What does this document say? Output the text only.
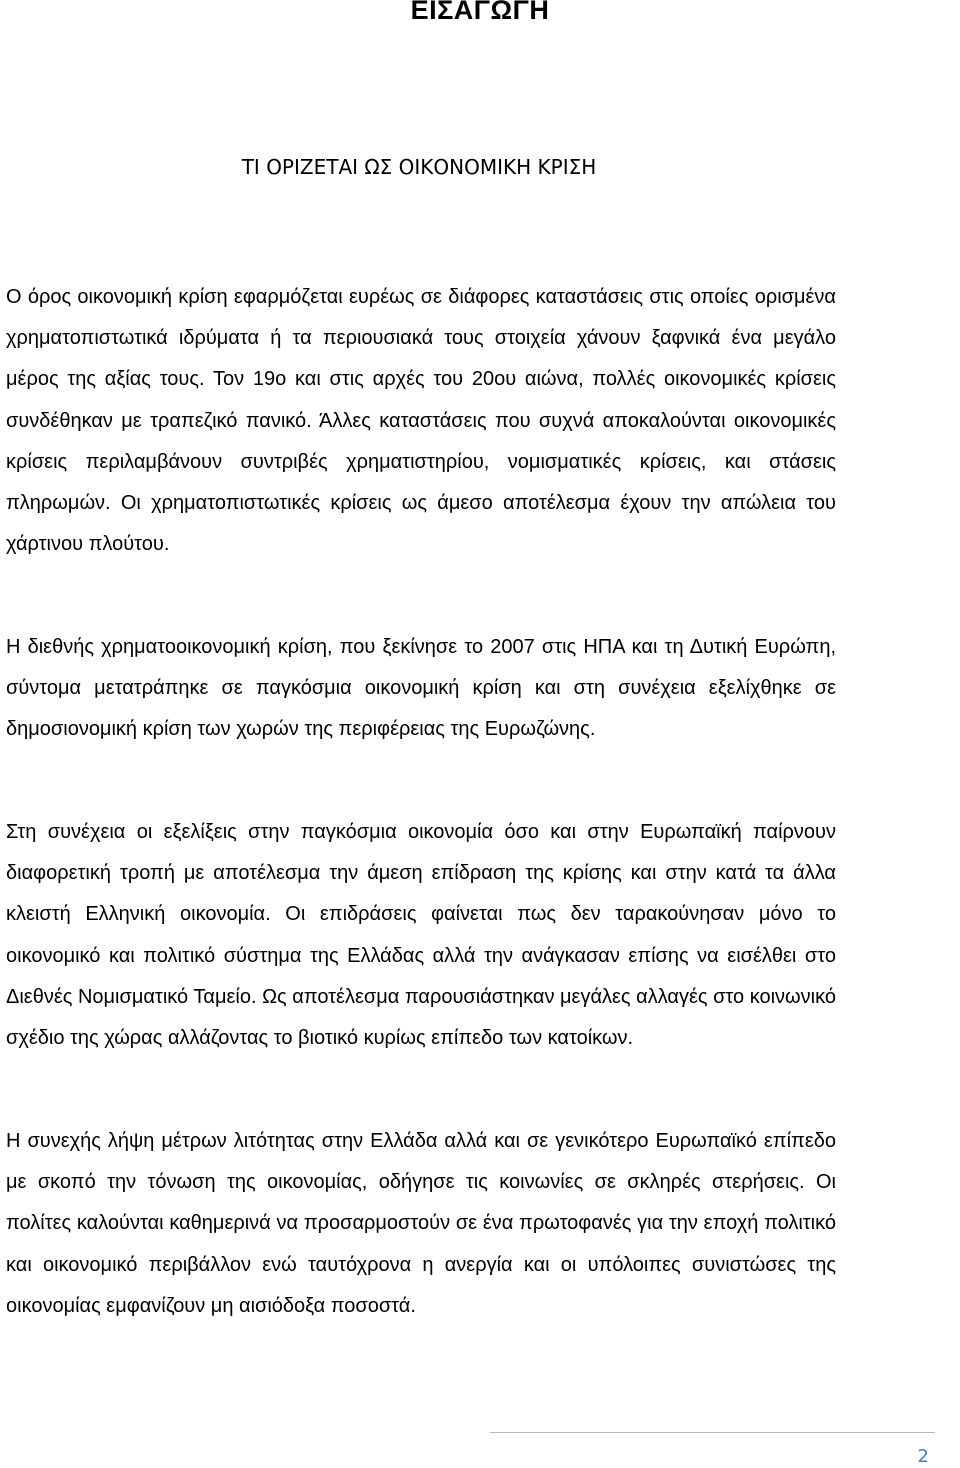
ΕΙΣΑΓΩΓΗ
ΤΙ ΟΡΙΖΕΤΑΙ ΩΣ ΟΙΚΟΝΟΜΙΚΗ ΚΡΙΣΗ

Ο όρος οικονομική κρίση εφαρμόζεται ευρέως σε διάφορες καταστάσεις στις οποίες ορισμένα χρηματοπιστωτικά ιδρύματα ή τα περιουσιακά τους στοιχεία χάνουν ξαφνικά ένα μεγάλο μέρος της αξίας τους. Τον 19ο και στις αρχές του 20ου αιώνα, πολλές οικονομικές κρίσεις συνδέθηκαν με τραπεζικό πανικό. Άλλες καταστάσεις που συχνά αποκαλούνται οικονομικές κρίσεις περιλαμβάνουν συντριβές χρηματιστηρίου, νομισματικές κρίσεις, και στάσεις πληρωμών. Οι χρηματοπιστωτικές κρίσεις ως άμεσο αποτέλεσμα έχουν την απώλεια του χάρτινου πλούτου.

Η διεθνής χρηματοοικονομική κρίση, που ξεκίνησε το 2007 στις ΗΠΑ και τη Δυτική Ευρώπη, σύντομα μετατράπηκε σε παγκόσμια οικονομική κρίση και στη συνέχεια εξελίχθηκε σε δημοσιονομική κρίση των χωρών της περιφέρειας της Ευρωζώνης.

Στη συνέχεια οι εξελίξεις στην παγκόσμια οικονομία όσο και στην Ευρωπαϊκή παίρνουν διαφορετική τροπή με αποτέλεσμα την άμεση επίδραση της κρίσης και στην κατά τα άλλα κλειστή Ελληνική οικονομία. Οι επιδράσεις φαίνεται πως δεν ταρακούνησαν μόνο το οικονομικό και πολιτικό σύστημα της Ελλάδας αλλά την ανάγκασαν επίσης να εισέλθει στο Διεθνές Νομισματικό Ταμείο. Ως αποτέλεσμα παρουσιάστηκαν μεγάλες αλλαγές στο κοινωνικό σχέδιο της χώρας αλλάζοντας το βιοτικό κυρίως επίπεδο των κατοίκων.

Η συνεχής λήψη μέτρων λιτότητας στην Ελλάδα αλλά και σε γενικότερο Ευρωπαϊκό επίπεδο με σκοπό την τόνωση της οικονομίας, οδήγησε τις κοινωνίες σε σκληρές στερήσεις. Οι πολίτες καλούνται καθημερινά να προσαρμοστούν σε ένα πρωτοφανές για την εποχή πολιτικό και οικονομικό περιβάλλον ενώ ταυτόχρονα η ανεργία και οι υπόλοιπες συνιστώσες της οικονομίας εμφανίζουν μη αισιόδοξα ποσοστά.

2
